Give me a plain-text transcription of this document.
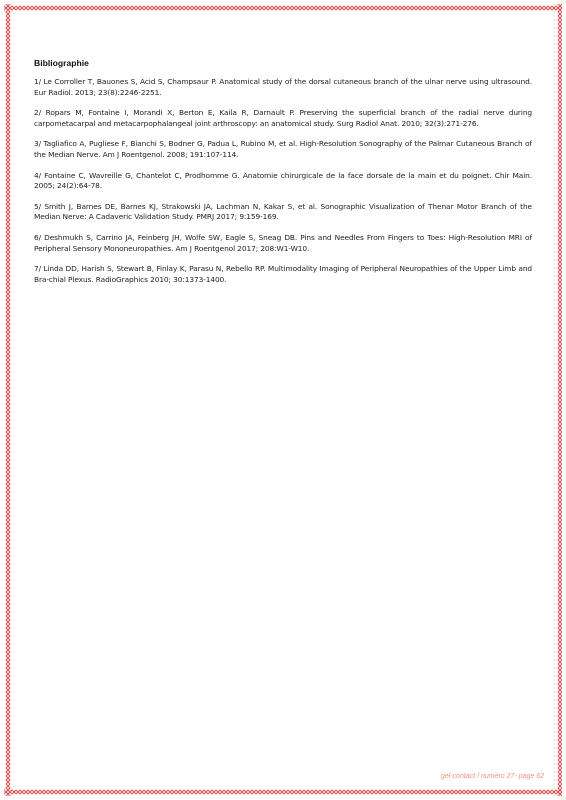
Bibliographie

1/ Le Corroller T, Bauones S, Acid S, Champsaur P. Anatomical study of the dorsal cutaneous branch of the ulnar nerve using ultrasound. Eur Radiol. 2013; 23(8):2246-2251.

2/ Ropars M, Fontaine I, Morandi X, Berton E, Kaila R, Darnault P. Preserving the superficial branch of the radial nerve during carpometacarpal and metacarpophalangeal joint arthroscopy: an anatomical study. Surg Radiol Anat. 2010; 32(3):271-276.

3/ Tagliafico A, Pugliese F, Bianchi S, Bodner G, Padua L, Rubino M, et al. High-Resolution Sonography of the Palmar Cutaneous Branch of the Median Nerve. Am J Roentgenol. 2008; 191:107-114.

4/ Fontaine C, Wavreille G, Chantelot C, Prodhomme G. Anatomie chirurgicale de la face dorsale de la main et du poignet. Chir Main. 2005; 24(2):64-78.

5/ Smith J, Barnes DE, Barnes KJ, Strakowski JA, Lachman N, Kakar S, et al. Sonographic Visualization of Thenar Motor Branch of the Median Nerve: A Cadaveric Validation Study. PMRJ 2017; 9:159-169.

6/ Deshmukh S, Carrino JA, Feinberg JH, Wolfe SW, Eagle S, Sneag DB. Pins and Needles From Fingers to Toes: High-Resolution MRI of Peripheral Sensory Mononeuropathies. Am J Roentgenol 2017; 208:W1-W10.

7/ Linda DD, Harish S, Stewart B, Finlay K, Parasu N, Rebello RP. Multimodality Imaging of Peripheral Neuropathies of the Upper Limb and Bra-chial Plexus. RadioGraphics 2010; 30:1373-1400.

gel-contact / numéro 27- page 62
